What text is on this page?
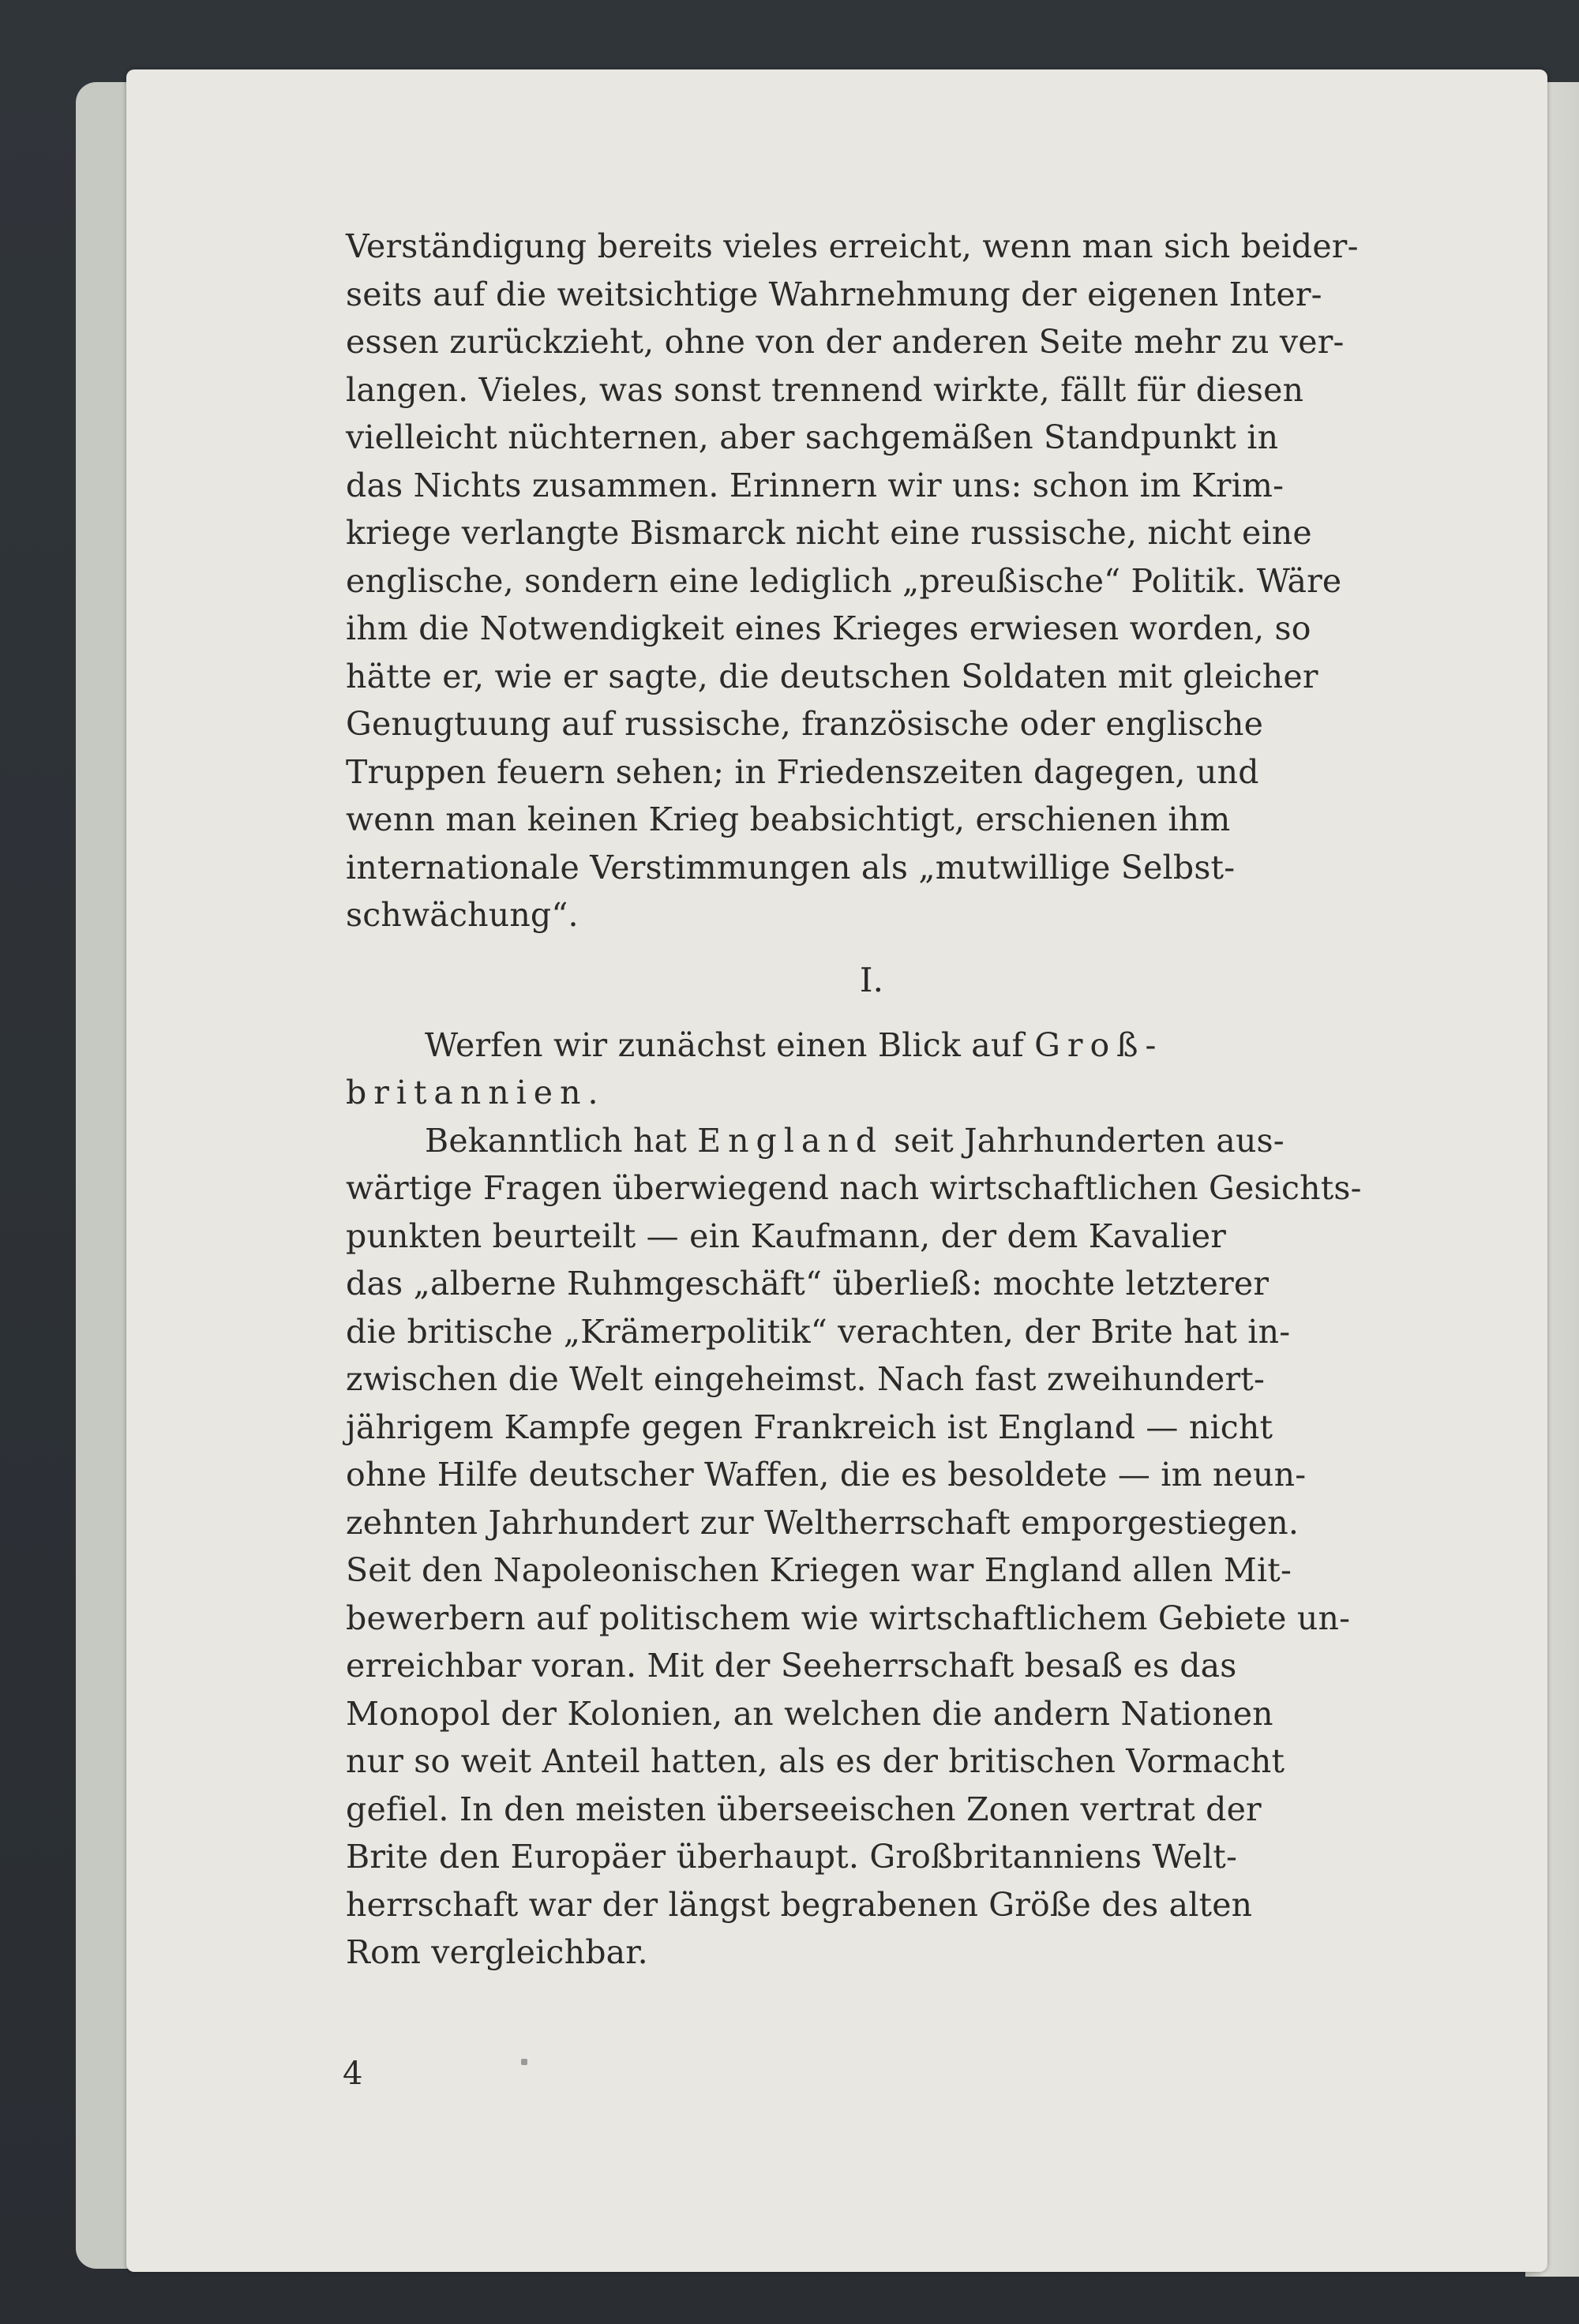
Verständigung bereits vieles erreicht, wenn man sich beider-
seits auf die weitsichtige Wahrnehmung der eigenen Inter-
essen zurückzieht, ohne von der anderen Seite mehr zu ver-
langen. Vieles, was sonst trennend wirkte, fällt für diesen
vielleicht nüchternen, aber sachgemäßen Standpunkt in
das Nichts zusammen. Erinnern wir uns: schon im Krim-
kriege verlangte Bismarck nicht eine russische, nicht eine
englische, sondern eine lediglich „preußische“ Politik. Wäre
ihm die Notwendigkeit eines Krieges erwiesen worden, so
hätte er, wie er sagte, die deutschen Soldaten mit gleicher
Genugtuung auf russische, französische oder englische
Truppen feuern sehen; in Friedenszeiten dagegen, und
wenn man keinen Krieg beabsichtigt, erschienen ihm
internationale Verstimmungen als „mutwillige Selbst-
schwächung“.

I.

Werfen wir zunächst einen Blick auf Groß-
britannien.

Bekanntlich hat England seit Jahrhunderten aus-
wärtige Fragen überwiegend nach wirtschaftlichen Gesichts-
punkten beurteilt — ein Kaufmann, der dem Kavalier
das „alberne Ruhmgeschäft“ überließ: mochte letzterer
die britische „Krämerpolitik“ verachten, der Brite hat in-
zwischen die Welt eingeheimst. Nach fast zweihundert-
jährigem Kampfe gegen Frankreich ist England — nicht
ohne Hilfe deutscher Waffen, die es besoldete — im neun-
zehnten Jahrhundert zur Weltherrschaft emporgestiegen.
Seit den Napoleonischen Kriegen war England allen Mit-
bewerbern auf politischem wie wirtschaftlichem Gebiete un-
erreichbar voran. Mit der Seeherrschaft besaß es das
Monopol der Kolonien, an welchen die andern Nationen
nur so weit Anteil hatten, als es der britischen Vormacht
gefiel. In den meisten überseeischen Zonen vertrat der
Brite den Europäer überhaupt. Großbritanniens Welt-
herrschaft war der längst begrabenen Größe des alten
Rom vergleichbar.

4
